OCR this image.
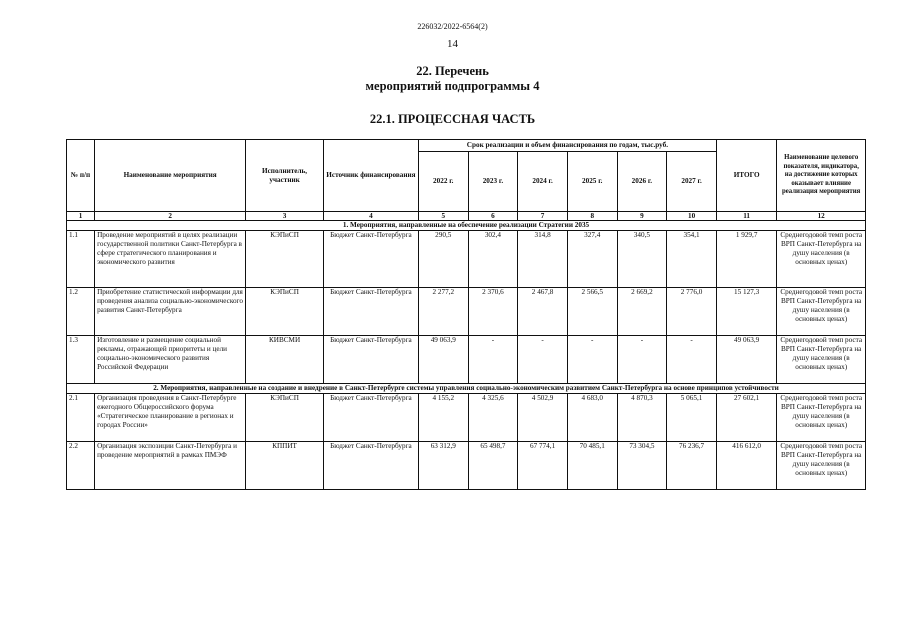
226032/2022-6564(2)
14
22. Перечень
мероприятий подпрограммы 4
22.1. ПРОЦЕССНАЯ ЧАСТЬ
№ п/п	Наименование мероприятия	Исполнитель, участник	Источник финансирования	Срок реализации и объем финансирования по годам, тыс.руб.						ИТОГО	Наименование целевого показателя, индикатора, на достижение которых оказывает влияние реализация мероприятия
				2022 г.	2023 г.	2024 г.	2025 г.	2026 г.	2027 г.		
1	2	3	4	5	6	7	8	9	10	11	12
1. Мероприятия, направленные на обеспечение реализации Стратегии 2035											
1.1	Проведение мероприятий в целях реализации государственной политики Санкт-Петербурга в сфере стратегического планирования и экономического развития	КЭПиСП	Бюджет Санкт-Петербурга	290,5	302,4	314,8	327,4	340,5	354,1	1 929,7	Среднегодовой темп роста ВРП Санкт-Петербурга на душу населения (в основных ценах)
1.2	Приобретение статистической информации для проведения анализа социально-экономического развития Санкт-Петербурга	КЭПиСП	Бюджет Санкт-Петербурга	2 277,2	2 370,6	2 467,8	2 566,5	2 669,2	2 776,0	15 127,3	Среднегодовой темп роста ВРП Санкт-Петербурга на душу населения (в основных ценах)
1.3	Изготовление и размещение социальной рекламы, отражающей приоритеты и цели социально-экономического развития Российской Федерации	КИВСМИ	Бюджет Санкт-Петербурга	49 063,9	-	-	-	-	-	49 063,9	Среднегодовой темп роста ВРП Санкт-Петербурга на душу населения (в основных ценах)
2. Мероприятия, направленные на создание и внедрение в Санкт-Петербурге системы управления социально-экономическим развитием Санкт-Петербурга на основе принципов устойчивости											
2.1	Организация проведения в Санкт-Петербурге ежегодного Общероссийского форума «Стратегическое планирование в регионах и городах России»	КЭПиСП	Бюджет Санкт-Петербурга	4 155,2	4 325,6	4 502,9	4 683,0	4 870,3	5 065,1	27 602,1	Среднегодовой темп роста ВРП Санкт-Петербурга на душу населения (в основных ценах)
2.2	Организация экспозиции Санкт-Петербурга и проведение мероприятий в рамках ПМЭФ	КППИТ	Бюджет Санкт-Петербурга	63 312,9	65 498,7	67 774,1	70 485,1	73 304,5	76 236,7	416 612,0	Среднегодовой темп роста ВРП Санкт-Петербурга на душу населения (в основных ценах)
